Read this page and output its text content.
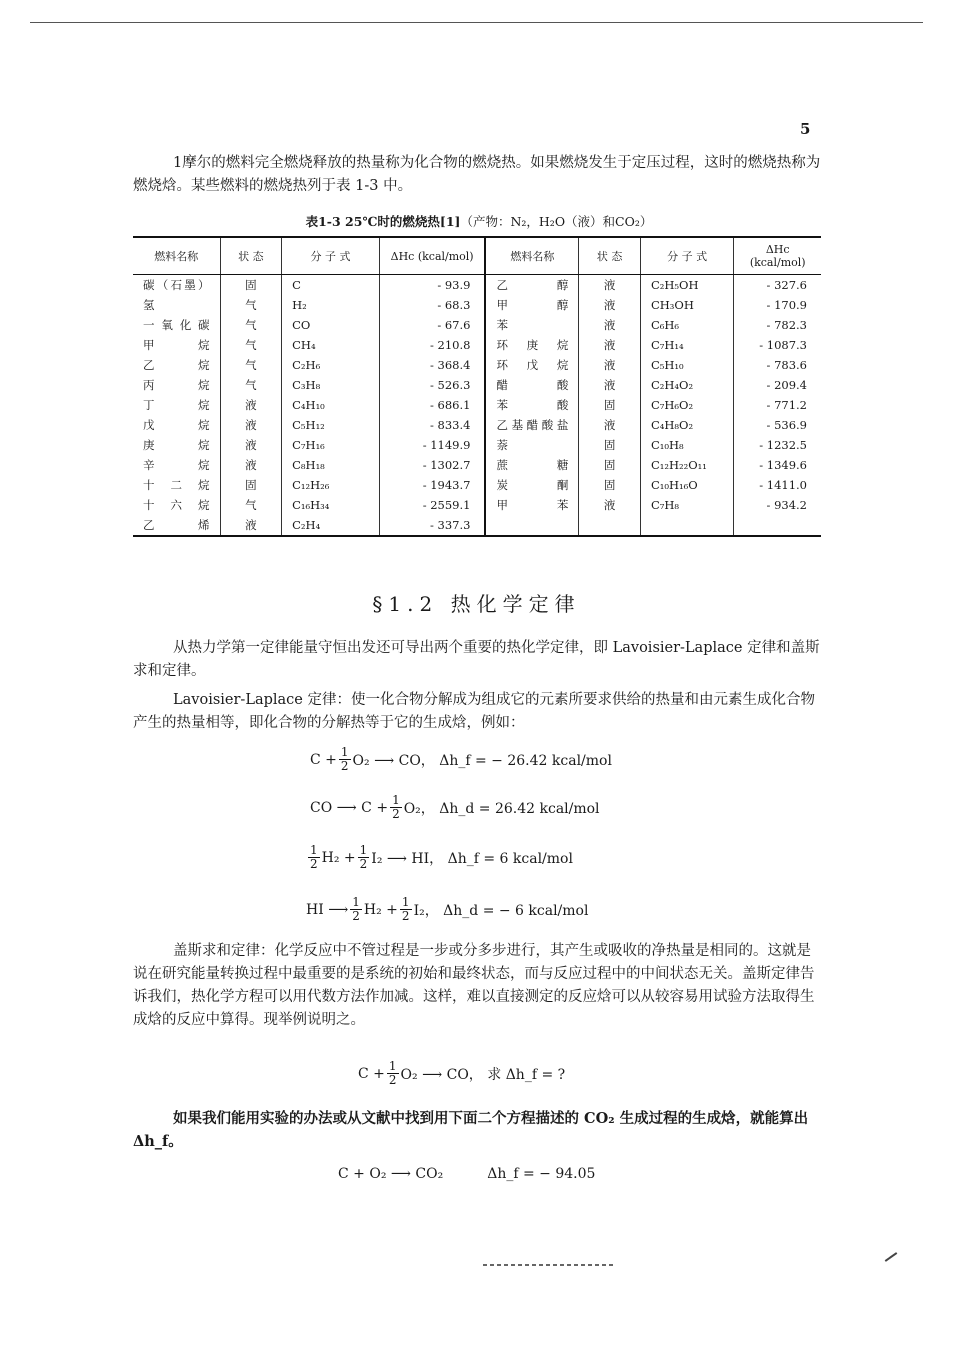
5

1摩尔的燃料完全燃烧释放的热量称为化合物的燃烧热。如果燃烧发生于定压过程，这时的燃烧热称为燃烧焓。某些燃料的燃烧热列于表 1-3 中。

表1-3 25℃时的燃烧热[1]（产物：N₂，H₂O（液）和CO₂）
燃料名称	状 态	分 子 式	ΔHc (kcal/mol)	燃料名称	状 态	分 子 式	ΔHc (kcal/mol)
碳（石墨）	固	C	- 93.9	乙醇	液	C₂H₅OH	- 327.6
氢	气	H₂	- 68.3	甲醇	液	CH₃OH	- 170.9
一氧化碳	气	CO	- 67.6	苯	液	C₆H₆	- 782.3
甲烷	气	CH₄	- 210.8	环庚烷	液	C₇H₁₄	- 1087.3
乙烷	气	C₂H₆	- 368.4	环戊烷	液	C₅H₁₀	- 783.6
丙烷	气	C₃H₈	- 526.3	醋酸	液	C₂H₄O₂	- 209.4
丁烷	液	C₄H₁₀	- 686.1	苯酸	固	C₇H₆O₂	- 771.2
戊烷	液	C₅H₁₂	- 833.4	乙基醋酸盐	液	C₄H₈O₂	- 536.9
庚烷	液	C₇H₁₆	- 1149.9	萘	固	C₁₀H₈	- 1232.5
辛烷	液	C₈H₁₈	- 1302.7	蔗糖	固	C₁₂H₂₂O₁₁	- 1349.6
十二烷	固	C₁₂H₂₆	- 1943.7	炭酮	固	C₁₀H₁₆O	- 1411.0
十六烷	气	C₁₆H₃₄	- 2559.1	甲苯	液	C₇H₈	- 934.2
乙烯	液	C₂H₄	- 337.3				
§1.2 热化学定律

从热力学第一定律能量守恒出发还可导出两个重要的热化学定律，即 Lavoisier-Laplace 定律和盖斯求和定律。

Lavoisier-Laplace 定律：使一化合物分解成为组成它的元素所要求供给的热量和由元素生成化合物产生的热量相等，即化合物的分解热等于它的生成焓，例如：

$C + \frac{1}{2} O_2$ ⟶ CO， Δh_f = − 26.42 kcal/mol
CO ⟶ $C + \frac{1}{2} O_2$， Δh_d = 26.42 kcal/mol
$\frac{1}{2} H_2 + \frac{1}{2} I_2$ ⟶ HI， Δh_f = 6 kcal/mol
HI ⟶ $\frac{1}{2} H_2 + \frac{1}{2} I_2$， Δh_d = − 6 kcal/mol

盖斯求和定律：化学反应中不管过程是一步或分多步进行，其产生或吸收的净热量是相同的。这就是说在研究能量转换过程中最重要的是系统的初始和最终状态，而与反应过程中的中间状态无关。盖斯定律告诉我们，热化学方程可以用代数方法作加减。这样，难以直接测定的反应焓可以从较容易用试验方法取得生成焓的反应中算得。现举例说明之。

$C + \frac{1}{2} O_2$ ⟶ CO， 求 Δh_f = ?

如果我们能用实验的办法或从文献中找到用下面二个方程描述的 CO₂ 生成过程的生成焓，就能算出 Δh_f。

C + O₂ ⟶ CO₂	Δh_f = − 94.05
